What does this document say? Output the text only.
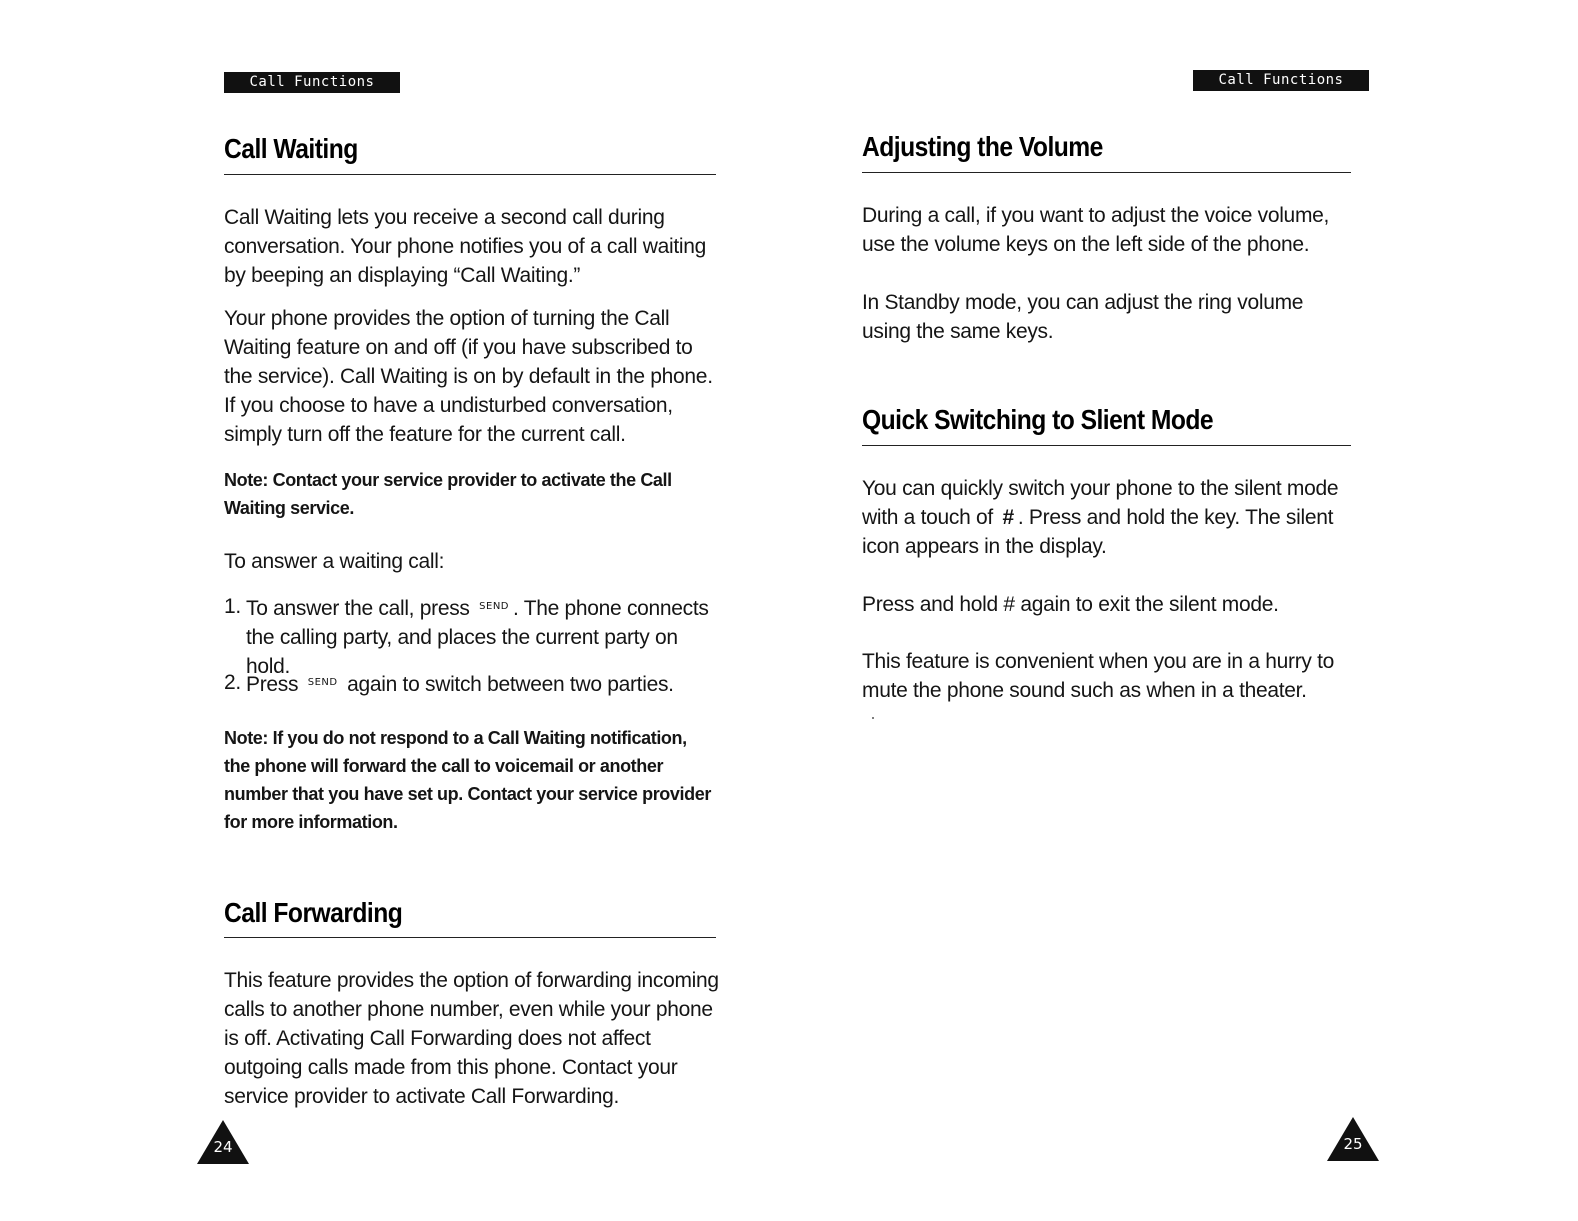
Call Functions
Call Waiting

Call Waiting lets you receive a second call during conversation. Your phone notifies you of a call waiting by beeping an displaying “Call Waiting.”

Your phone provides the option of turning the Call Waiting feature on and off (if you have subscribed to the service). Call Waiting is on by default in the phone. If you choose to have a undisturbed conversation, simply turn off the feature for the current call.

Note: Contact your service provider to activate the Call Waiting service.

To answer a waiting call:

1. To answer the call, press $^{SEND}$ . The phone connects the calling party, and places the current party on hold.
2. Press $^{SEND}$ again to switch between two parties.

Note: If you do not respond to a Call Waiting notification, the phone will forward the call to voicemail or another number that you have set up. Contact your service provider for more information.

Call Forwarding

This feature provides the option of forwarding incoming calls to another phone number, even while your phone is off. Activating Call Forwarding does not affect outgoing calls made from this phone. Contact your service provider to activate Call Forwarding.

24
Call Functions
Adjusting the Volume

During a call, if you want to adjust the voice volume, use the volume keys on the left side of the phone.

In Standby mode, you can adjust the ring volume using the same keys.

Quick Switching to Slient Mode

You can quickly switch your phone to the silent mode with a touch of # . Press and hold the key. The silent icon appears in the display.

Press and hold # again to exit the silent mode.

This feature is convenient when you are in a hurry to mute the phone sound such as when in a theater.

25
